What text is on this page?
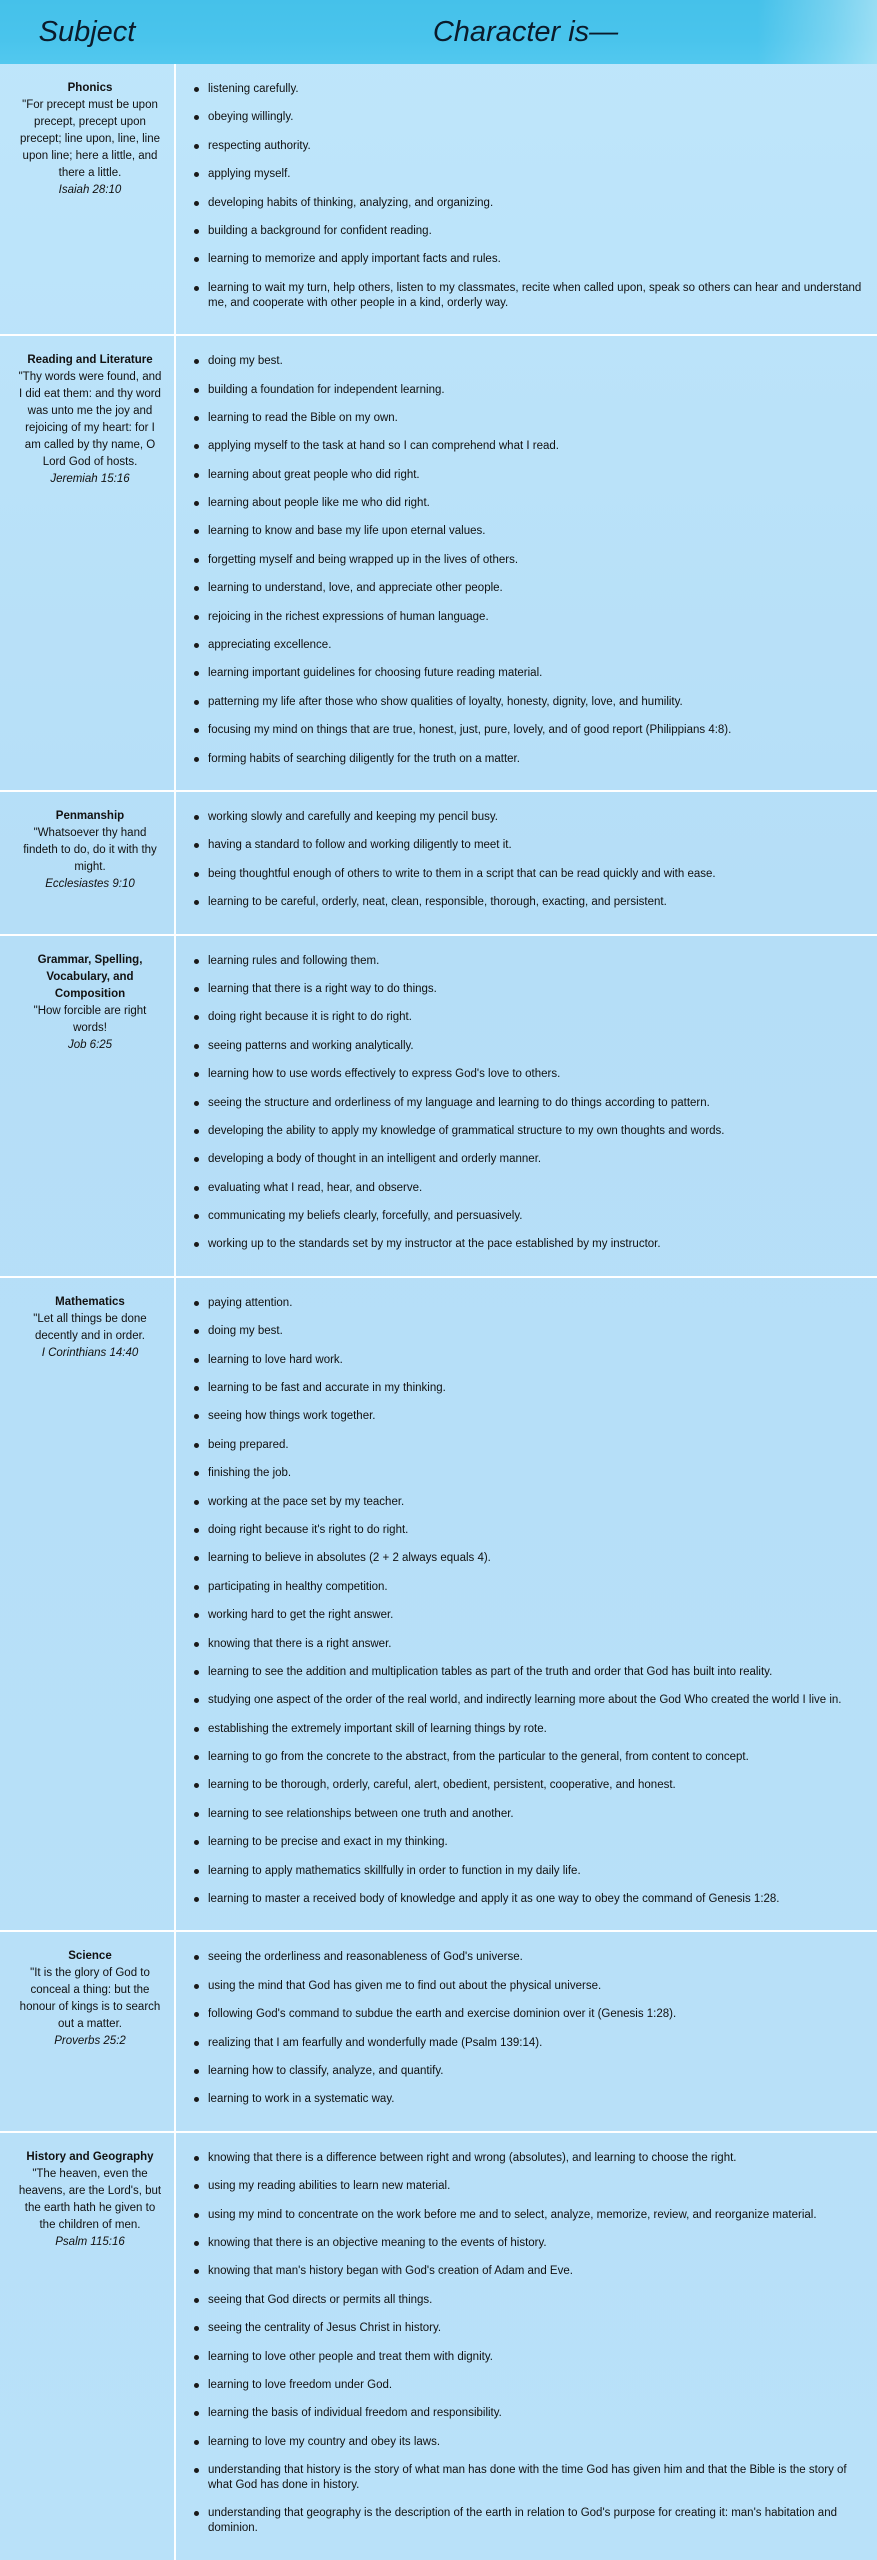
Subject	Character is—
Phonics
"For precept must be upon precept, precept upon precept; line upon, line, line upon line; here a little, and there a little.
Isaiah 28:10
listening carefully.
obeying willingly.
respecting authority.
applying myself.
developing habits of thinking, analyzing, and organizing.
building a background for confident reading.
learning to memorize and apply important facts and rules.
learning to wait my turn, help others, listen to my classmates, recite when called upon, speak so others can hear and understand me, and cooperate with other people in a kind, orderly way.
Reading and Literature
"Thy words were found, and I did eat them: and thy word was unto me the joy and rejoicing of my heart: for I am called by thy name, O Lord God of hosts.
Jeremiah 15:16
doing my best.
building a foundation for independent learning.
learning to read the Bible on my own.
applying myself to the task at hand so I can comprehend what I read.
learning about great people who did right.
learning about people like me who did right.
learning to know and base my life upon eternal values.
forgetting myself and being wrapped up in the lives of others.
learning to understand, love, and appreciate other people.
rejoicing in the richest expressions of human language.
appreciating excellence.
learning important guidelines for choosing future reading material.
patterning my life after those who show qualities of loyalty, honesty, dignity, love, and humility.
focusing my mind on things that are true, honest, just, pure, lovely, and of good report (Philippians 4:8).
forming habits of searching diligently for the truth on a matter.
Penmanship
"Whatsoever thy hand findeth to do, do it with thy might.
Ecclesiastes 9:10
working slowly and carefully and keeping my pencil busy.
having a standard to follow and working diligently to meet it.
being thoughtful enough of others to write to them in a script that can be read quickly and with ease.
learning to be careful, orderly, neat, clean, responsible, thorough, exacting, and persistent.
Grammar, Spelling, Vocabulary, and Composition
"How forcible are right words!
Job 6:25
learning rules and following them.
learning that there is a right way to do things.
doing right because it is right to do right.
seeing patterns and working analytically.
learning how to use words effectively to express God's love to others.
seeing the structure and orderliness of my language and learning to do things according to pattern.
developing the ability to apply my knowledge of grammatical structure to my own thoughts and words.
developing a body of thought in an intelligent and orderly manner.
evaluating what I read, hear, and observe.
communicating my beliefs clearly, forcefully, and persuasively.
working up to the standards set by my instructor at the pace established by my instructor.
Mathematics
"Let all things be done decently and in order.
I Corinthians 14:40
paying attention.
doing my best.
learning to love hard work.
learning to be fast and accurate in my thinking.
seeing how things work together.
being prepared.
finishing the job.
working at the pace set by my teacher.
doing right because it's right to do right.
learning to believe in absolutes (2 + 2 always equals 4).
participating in healthy competition.
working hard to get the right answer.
knowing that there is a right answer.
learning to see the addition and multiplication tables as part of the truth and order that God has built into reality.
studying one aspect of the order of the real world, and indirectly learning more about the God Who created the world I live in.
establishing the extremely important skill of learning things by rote.
learning to go from the concrete to the abstract, from the particular to the general, from content to concept.
learning to be thorough, orderly, careful, alert, obedient, persistent, cooperative, and honest.
learning to see relationships between one truth and another.
learning to be precise and exact in my thinking.
learning to apply mathematics skillfully in order to function in my daily life.
learning to master a received body of knowledge and apply it as one way to obey the command of Genesis 1:28.
Science
"It is the glory of God to conceal a thing: but the honour of kings is to search out a matter.
Proverbs 25:2
seeing the orderliness and reasonableness of God's universe.
using the mind that God has given me to find out about the physical universe.
following God's command to subdue the earth and exercise dominion over it (Genesis 1:28).
realizing that I am fearfully and wonderfully made (Psalm 139:14).
learning how to classify, analyze, and quantify.
learning to work in a systematic way.
History and Geography
"The heaven, even the heavens, are the Lord's, but the earth hath he given to the children of men.
Psalm 115:16
knowing that there is a difference between right and wrong (absolutes), and learning to choose the right.
using my reading abilities to learn new material.
using my mind to concentrate on the work before me and to select, analyze, memorize, review, and reorganize material.
knowing that there is an objective meaning to the events of history.
knowing that man's history began with God's creation of Adam and Eve.
seeing that God directs or permits all things.
seeing the centrality of Jesus Christ in history.
learning to love other people and treat them with dignity.
learning to love freedom under God.
learning the basis of individual freedom and responsibility.
learning to love my country and obey its laws.
understanding that history is the story of what man has done with the time God has given him and that the Bible is the story of what God has done in history.
understanding that geography is the description of the earth in relation to God's purpose for creating it: man's habitation and dominion.
